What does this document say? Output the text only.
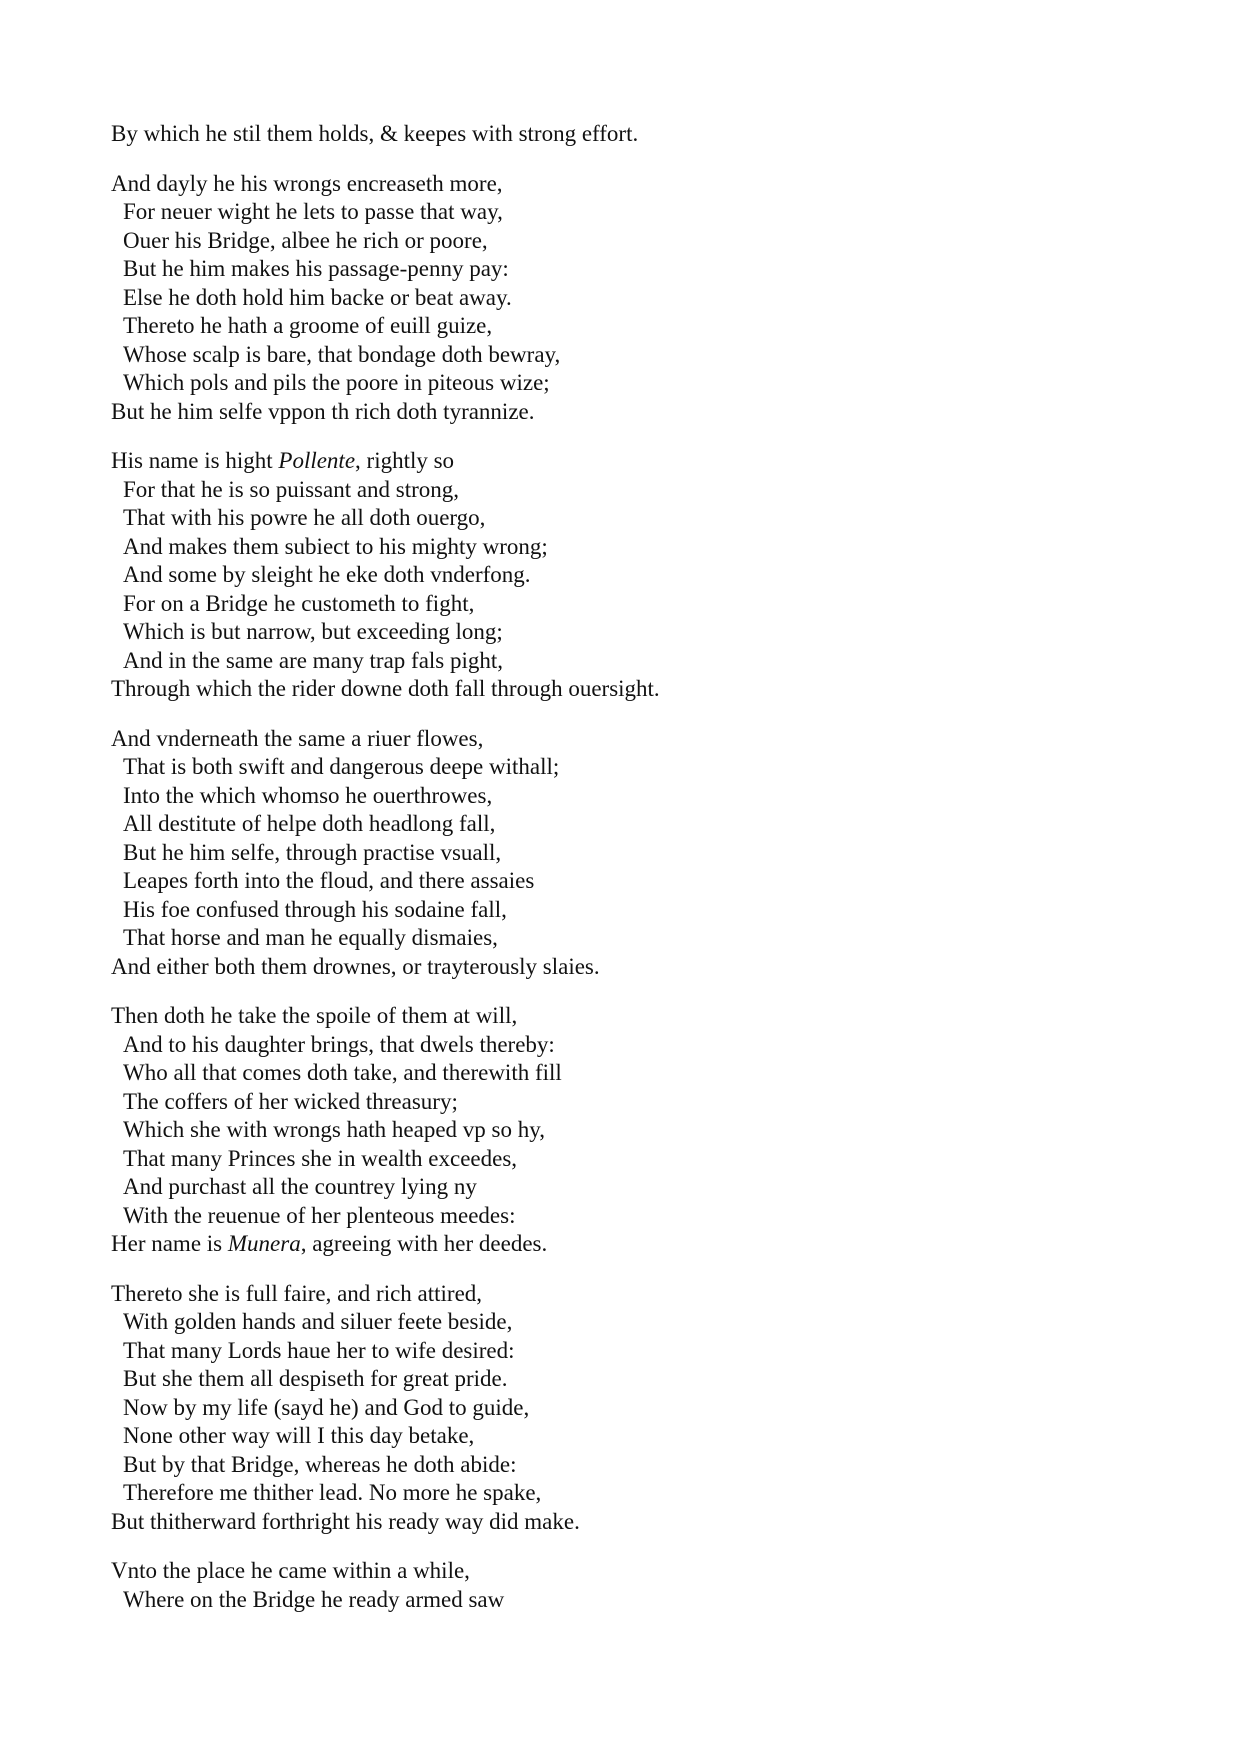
By which he stil them holds, & keepes with strong effort.
And dayly he his wrongs encreaseth more,
For neuer wight he lets to passe that way,
Ouer his Bridge, albee he rich or poore,
But he him makes his passage-penny pay:
Else he doth hold him backe or beat away.
Thereto he hath a groome of euill guize,
Whose scalp is bare, that bondage doth bewray,
Which pols and pils the poore in piteous wize;
But he him selfe vppon th rich doth tyrannize.
His name is hight Pollente, rightly so
For that he is so puissant and strong,
That with his powre he all doth ouergo,
And makes them subiect to his mighty wrong;
And some by sleight he eke doth vnderfong.
For on a Bridge he custometh to fight,
Which is but narrow, but exceeding long;
And in the same are many trap fals pight,
Through which the rider downe doth fall through ouersight.
And vnderneath the same a riuer flowes,
That is both swift and dangerous deepe withall;
Into the which whomso he ouerthrowes,
All destitute of helpe doth headlong fall,
But he him selfe, through practise vsuall,
Leapes forth into the floud, and there assaies
His foe confused through his sodaine fall,
That horse and man he equally dismaies,
And either both them drownes, or trayterously slaies.
Then doth he take the spoile of them at will,
And to his daughter brings, that dwels thereby:
Who all that comes doth take, and therewith fill
The coffers of her wicked threasury;
Which she with wrongs hath heaped vp so hy,
That many Princes she in wealth exceedes,
And purchast all the countrey lying ny
With the reuenue of her plenteous meedes:
Her name is Munera, agreeing with her deedes.
Thereto she is full faire, and rich attired,
With golden hands and siluer feete beside,
That many Lords haue her to wife desired:
But she them all despiseth for great pride.
Now by my life (sayd he) and God to guide,
None other way will I this day betake,
But by that Bridge, whereas he doth abide:
Therefore me thither lead. No more he spake,
But thitherward forthright his ready way did make.
Vnto the place he came within a while,
Where on the Bridge he ready armed saw
